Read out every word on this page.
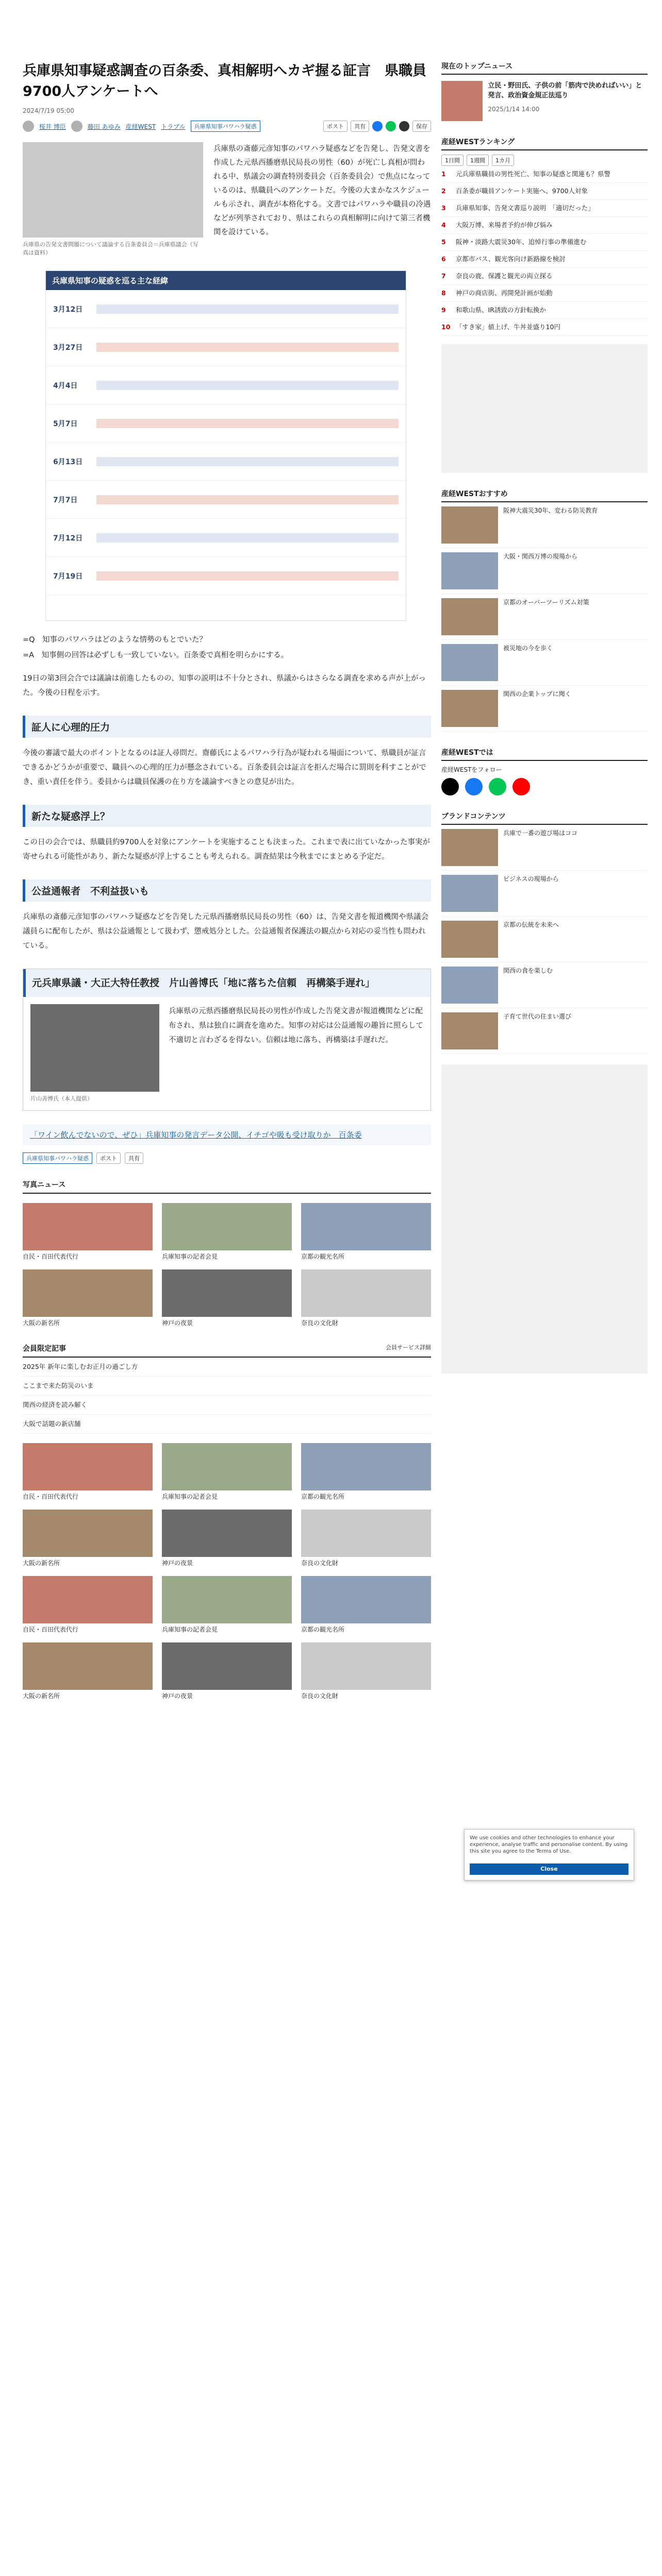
兵庫県知事疑惑調査の百条委、真相解明へカギ握る証言　県職員9700人アンケートへ
2024/7/19 05:00
桜井 博臣	藤田 あゆみ 産経WEST トラブル	兵庫県知事パワハラ疑惑	ポスト	共有	保存
兵庫県の告発文書問題について議論する百条委員会＝兵庫県議会（写真は資料）

兵庫県の斎藤元彦知事のパワハラ疑惑などを告発し、告発文書を作成した元県西播磨県民局長の男性（60）が死亡し真相が問われる中、県議会の調査特別委員会（百条委員会）で焦点になっているのは、県職員へのアンケートだ。今後の大まかなスケジュールも示され、調査が本格化する。文書ではパワハラや職員の冷遇などが列挙されており、県はこれらの真相解明に向けて第三者機関を設けている。

兵庫県知事の疑惑を巡る主な経緯
3月12日
3月27日
4月4日
5月7日
6月13日
7月7日
7月12日
7月19日

=Q　知事のパワハラはどのような情勢のもとでいた？

=A　知事側の回答は必ずしも一致していない。百条委で真相を明らかにする。

19日の第3回会合では議論は前進したものの、知事の説明は不十分とされ、県議からはさらなる調査を求める声が上がった。今後の日程を示す。

証人に心理的圧力

今後の審議で最大のポイントとなるのは証人尋問だ。齋藤氏によるパワハラ行為が疑われる場面について、県職員が証言できるかどうかが重要で、職員への心理的圧力が懸念されている。百条委員会は証言を拒んだ場合に罰則を科すことができ、重い責任を伴う。委員からは職員保護の在り方を議論すべきとの意見が出た。

新たな疑惑浮上？

この日の会合では、県職員約9700人を対象にアンケートを実施することも決まった。これまで表に出ていなかった事実が寄せられる可能性があり、新たな疑惑が浮上することも考えられる。調査結果は今秋までにまとめる予定だ。

公益通報者　不利益扱いも

兵庫県の斎藤元彦知事のパワハラ疑惑などを告発した元県西播磨県民局長の男性（60）は、告発文書を報道機関や県議会議員らに配布したが、県は公益通報として扱わず、懲戒処分とした。公益通報者保護法の観点から対応の妥当性も問われている。

元兵庫県議・大正大特任教授　片山善博氏「地に落ちた信頼　再構築手遅れ」
片山善博氏（本人提供）

兵庫県の元県西播磨県民局長の男性が作成した告発文書が報道機関などに配布され、県は独自に調査を進めた。知事の対応は公益通報の趣旨に照らして不適切と言わざるを得ない。信頼は地に落ち、再構築は手遅れだ。

「ワイン飲んでないので、ぜひ」兵庫知事の発言データ公開、イチゴや吸も受け取りか　百条委
兵庫県知事パワハラ疑惑	ポスト	共有
写真ニュース

自民・百田代表代行	兵庫知事の記者会見	京都の観光名所

大阪の新名所	神戸の夜景	奈良の文化財

会員限定記事	会員サービス詳細
2025年 新年に楽しむお正月の過ごし方
ここまで来た防災のいま
関西の経済を読み解く
大阪で話題の新店舗

自民・百田代表代行	兵庫知事の記者会見	京都の観光名所

大阪の新名所	神戸の夜景	奈良の文化財

自民・百田代表代行	兵庫知事の記者会見	京都の観光名所

大阪の新名所	神戸の夜景	奈良の文化財

現在のトップニュース

立民・野田氏、子供の前「筋肉で決めればいい」と発言、政治資金規正法巡り

2025/1/14 14:00
産経WESTランキング
1日間	1週間	1カ月
1	元兵庫県職員の男性死亡、知事の疑惑と関連も？県警
2	百条委が職員アンケート実施へ、9700人対象
3	兵庫県知事、告発文書巡り説明　「適切だった」
4	大阪万博、来場者予約が伸び悩み
5	阪神・淡路大震災30年、追悼行事の準備進む
6	京都市バス、観光客向け新路線を検討
7	奈良の鹿、保護と観光の両立探る
8	神戸の商店街、再開発計画が始動
9	和歌山県、IR誘致の方針転換か
10 「すき家」値上げ、牛丼並盛り10円
産経WESTおすすめ

阪神大震災30年、変わる防災教育

大阪・関西万博の現場から

京都のオーバーツーリズム対策

被災地の今を歩く

関西の企業トップに聞く

産経WESTでは

産経WESTをフォロー

ブランドコンテンツ

兵庫で一番の遊び場はココ

ビジネスの現場から

京都の伝統を未来へ

関西の食を楽しむ

子育て世代の住まい選び

We use cookies and other technologies to enhance your experience, analyse traffic and personalise content. By using this site you agree to the Terms of Use.
Close
